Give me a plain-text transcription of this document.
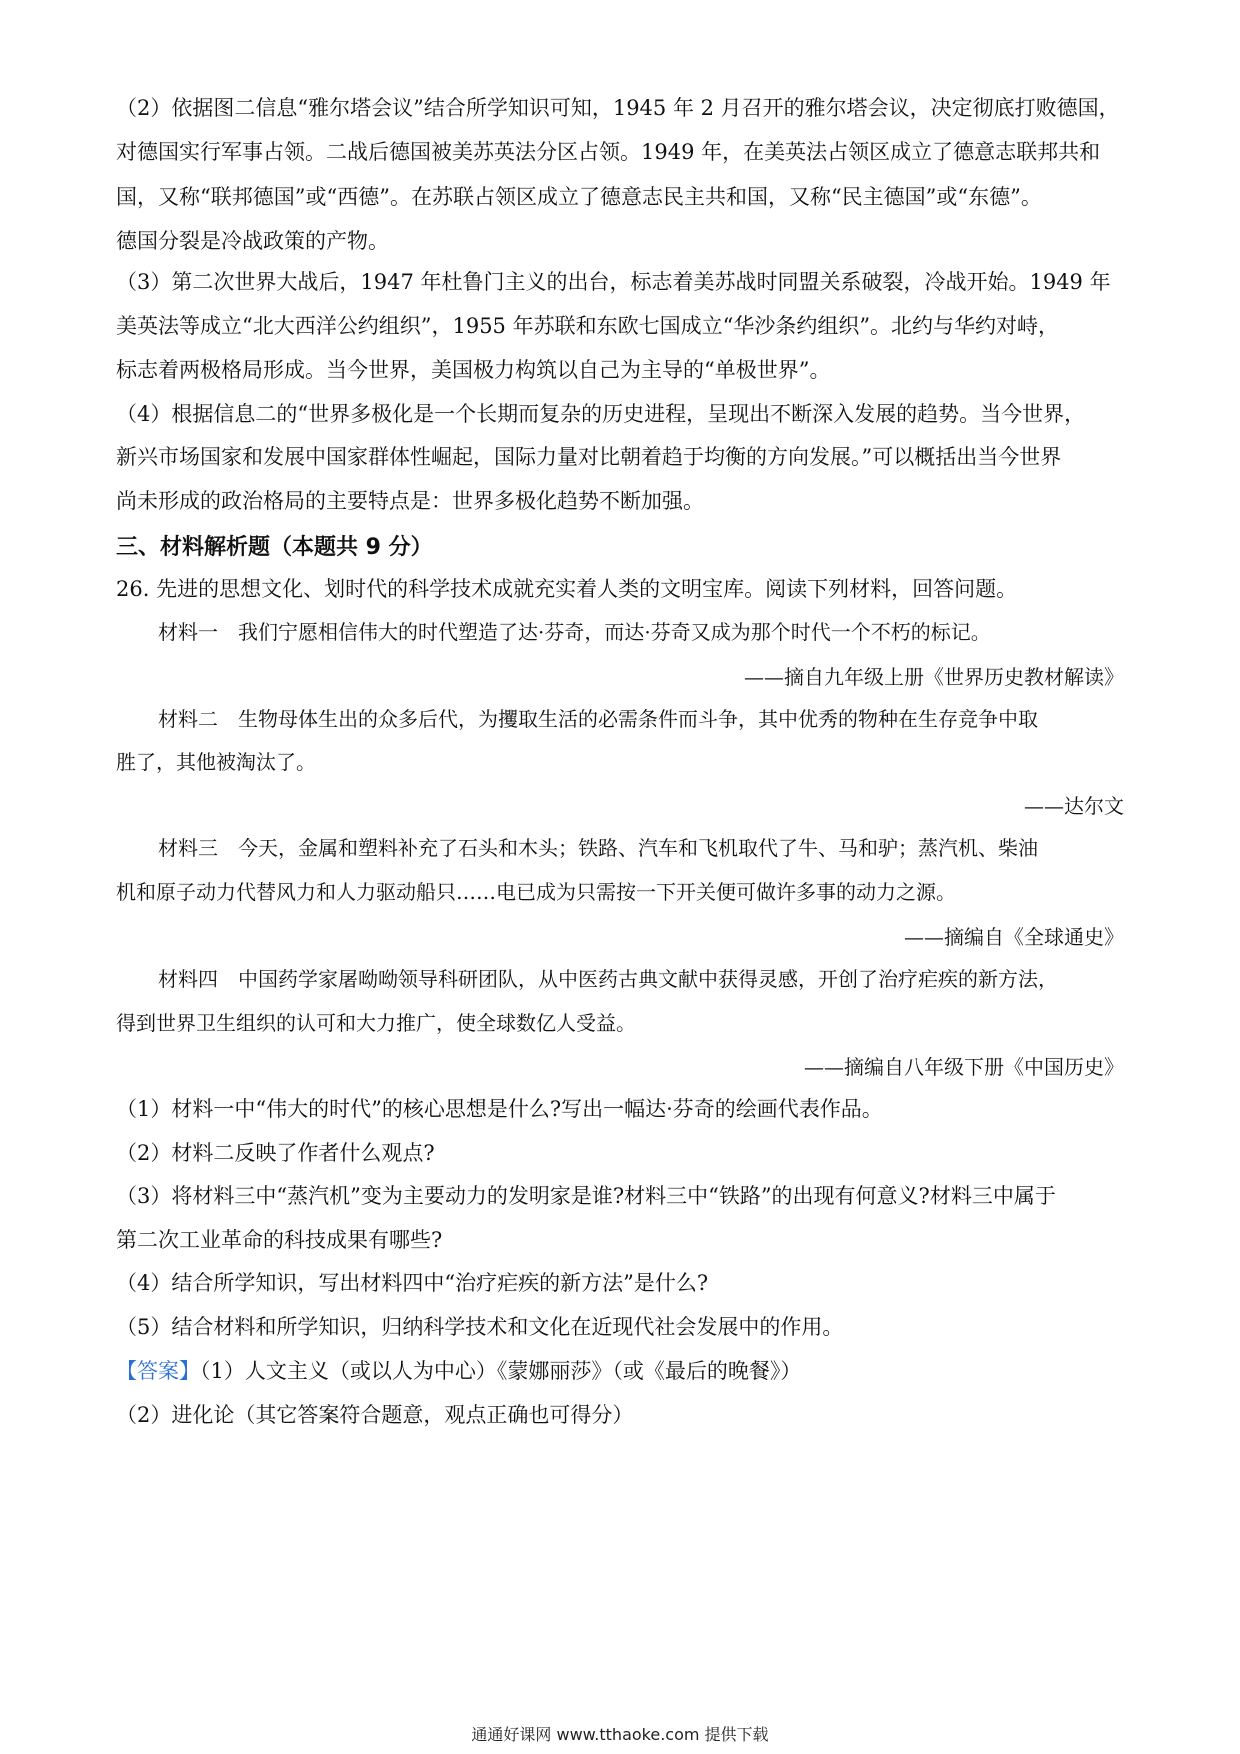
（2）依据图二信息“雅尔塔会议”结合所学知识可知，1945 年 2 月召开的雅尔塔会议，决定彻底打败德国，
对德国实行军事占领。二战后德国被美苏英法分区占领。1949 年，在美英法占领区成立了德意志联邦共和
国，又称“联邦德国”或“西德”。在苏联占领区成立了德意志民主共和国，又称“民主德国”或“东德”。
德国分裂是冷战政策的产物。
（3）第二次世界大战后，1947 年杜鲁门主义的出台，标志着美苏战时同盟关系破裂，冷战开始。1949 年
美英法等成立“北大西洋公约组织”，1955 年苏联和东欧七国成立“华沙条约组织”。北约与华约对峙，
标志着两极格局形成。当今世界，美国极力构筑以自己为主导的“单极世界”。
（4）根据信息二的“世界多极化是一个长期而复杂的历史进程，呈现出不断深入发展的趋势。当今世界，
新兴市场国家和发展中国家群体性崛起，国际力量对比朝着趋于均衡的方向发展。”可以概括出当今世界
尚未形成的政治格局的主要特点是：世界多极化趋势不断加强。
三、材料解析题（本题共 9 分）
26. 先进的思想文化、划时代的科学技术成就充实着人类的文明宝库。阅读下列材料，回答问题。
材料一　我们宁愿相信伟大的时代塑造了达·芬奇，而达·芬奇又成为那个时代一个不朽的标记。
——摘自九年级上册《世界历史教材解读》
材料二　生物母体生出的众多后代，为攫取生活的必需条件而斗争，其中优秀的物种在生存竞争中取
胜了，其他被淘汰了。
——达尔文
材料三　今天，金属和塑料补充了石头和木头；铁路、汽车和飞机取代了牛、马和驴；蒸汽机、柴油
机和原子动力代替风力和人力驱动船只……电已成为只需按一下开关便可做许多事的动力之源。
——摘编自《全球通史》
材料四　中国药学家屠呦呦领导科研团队，从中医药古典文献中获得灵感，开创了治疗疟疾的新方法，
得到世界卫生组织的认可和大力推广，使全球数亿人受益。
——摘编自八年级下册《中国历史》
（1）材料一中“伟大的时代”的核心思想是什么?写出一幅达·芬奇的绘画代表作品。
（2）材料二反映了作者什么观点?
（3）将材料三中“蒸汽机”变为主要动力的发明家是谁?材料三中“铁路”的出现有何意义?材料三中属于
第二次工业革命的科技成果有哪些?
（4）结合所学知识，写出材料四中“治疗疟疾的新方法”是什么?
（5）结合材料和所学知识，归纳科学技术和文化在近现代社会发展中的作用。
【答案】（1）人文主义（或以人为中心）《蒙娜丽莎》（或《最后的晚餐》）
（2）进化论（其它答案符合题意，观点正确也可得分）
通通好课网 www.tthaoke.com 提供下载
